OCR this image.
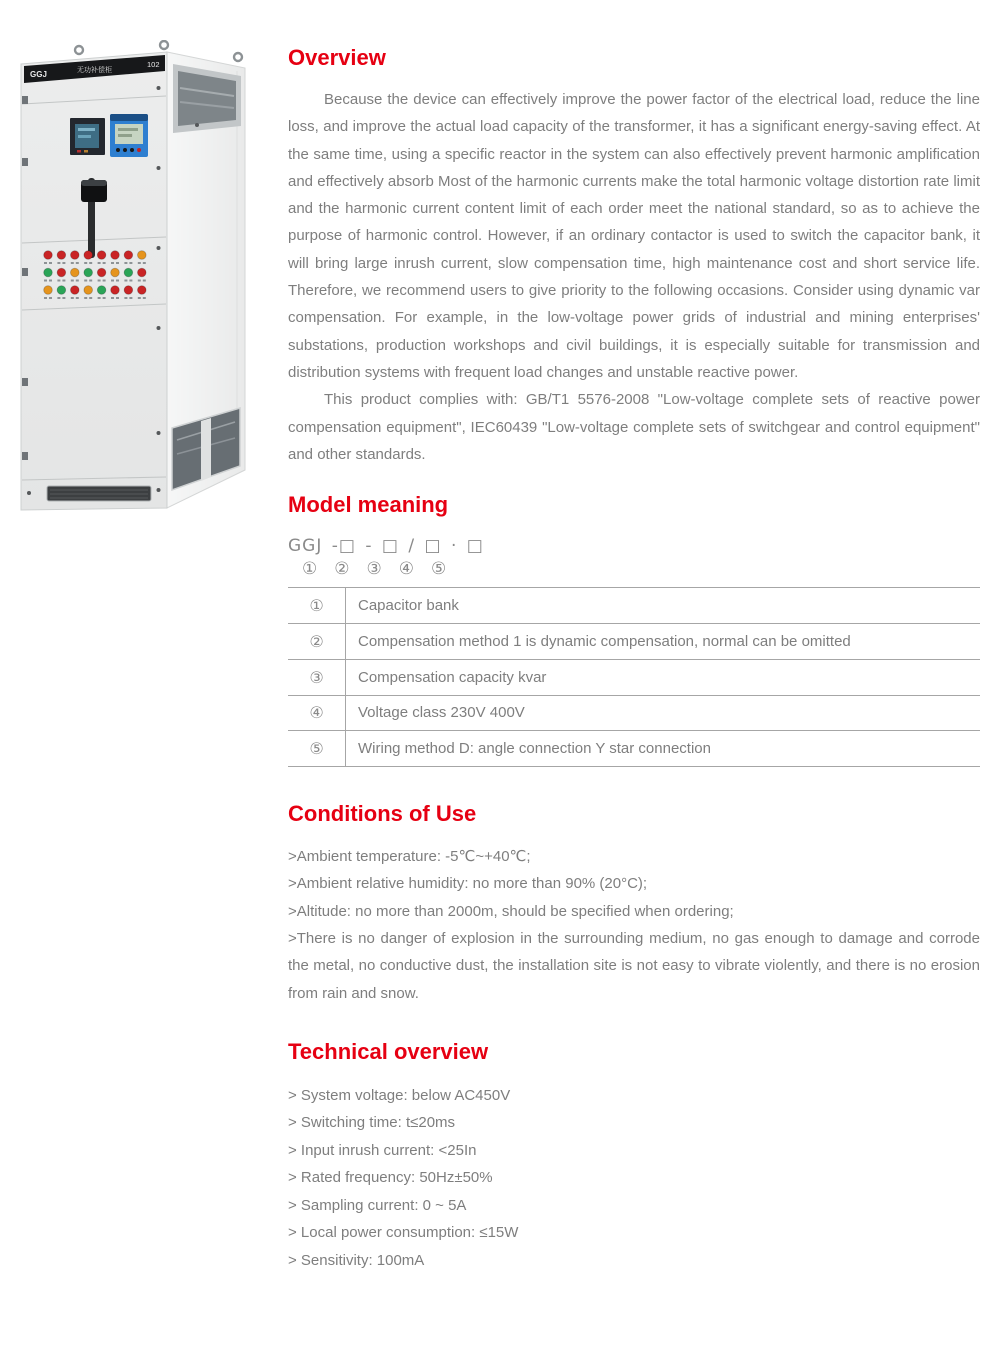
GGJ	无功补偿柜
102	Overview

Because the device can effectively improve the power factor of the electrical load, reduce the line loss, and improve the actual load capacity of the transformer, it has a significant energy-saving effect. At the same time, using a specific reactor in the system can also effectively prevent harmonic amplification and effectively absorb Most of the harmonic currents make the total harmonic voltage distortion rate limit and the harmonic current content limit of each order meet the national standard, so as to achieve the purpose of harmonic control. However, if an ordinary contactor is used to switch the capacitor bank, it will bring large inrush current, slow compensation time, high maintenance cost and short service life. Therefore, we recommend users to give priority to the following occasions. Consider using dynamic var compensation. For example, in the low-voltage power grids of industrial and mining enterprises' substations, production workshops and civil buildings, it is especially suitable for transmission and distribution systems with frequent load changes and unstable reactive power.

This product complies with: GB/T1 5576-2008 "Low-voltage complete sets of reactive power compensation equipment", IEC60439 "Low-voltage complete sets of switchgear and control equipment" and other standards.

Model meaning
GGJ -□ - □ / □ · □
① ② ③ ④ ⑤
①	Capacitor bank
②	Compensation method 1 is dynamic compensation, normal can be omitted
③	Compensation capacity kvar
④	Voltage class 230V 400V
⑤	Wiring method D: angle connection Y star connection
Conditions of Use
>Ambient temperature: -5℃~+40℃;
>Ambient relative humidity: no more than 90% (20°C);
>Altitude: no more than 2000m, should be specified when ordering;
>There is no danger of explosion in the surrounding medium, no gas enough to damage and corrode the metal, no conductive dust, the installation site is not easy to vibrate violently, and there is no erosion from rain and snow.
Technical overview
> System voltage: below AC450V
> Switching time: t≤20ms
> Input inrush current: <25In
> Rated frequency: 50Hz±50%
> Sampling current: 0 ~ 5A
> Local power consumption: ≤15W
> Sensitivity: 100mA
